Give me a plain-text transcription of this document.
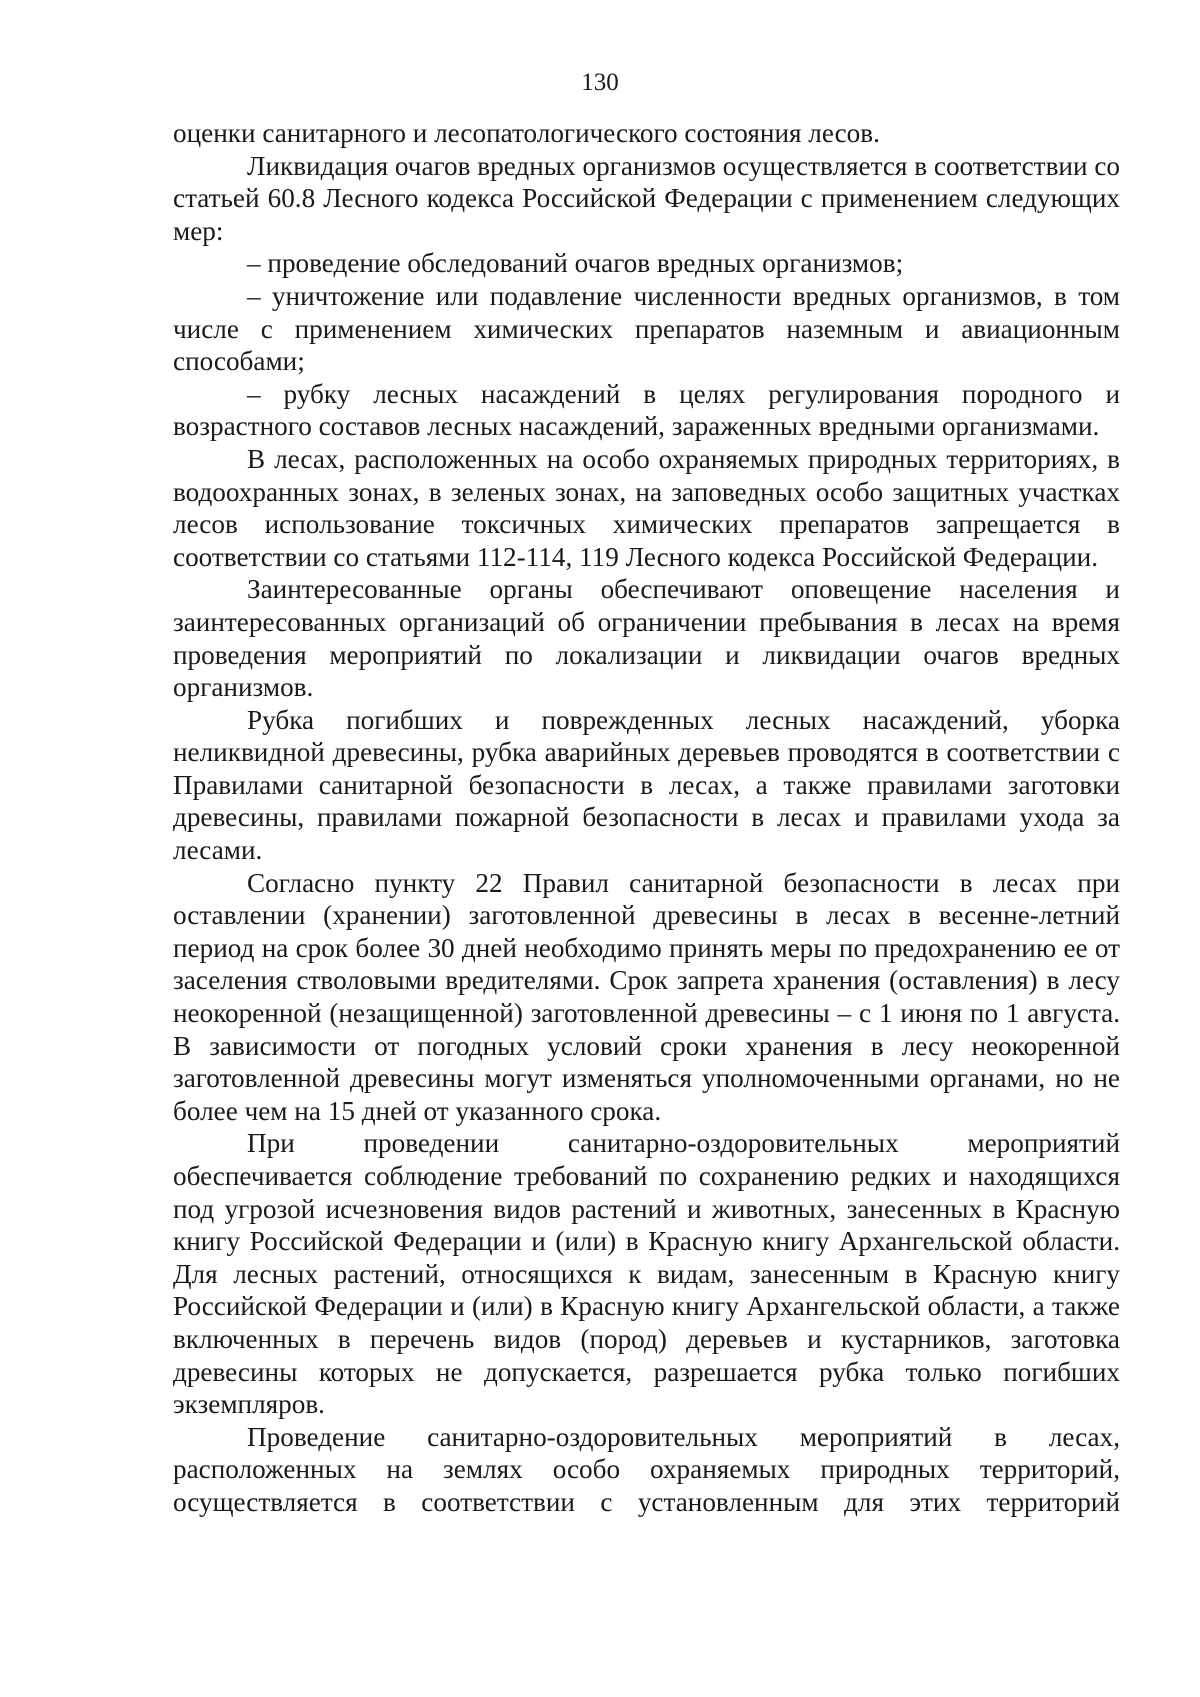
130

оценки санитарного и лесопатологического состояния лесов.

Ликвидация очагов вредных организмов осуществляется в соответствии со статьей 60.8 Лесного кодекса Российской Федерации с применением следующих мер:

– проведение обследований очагов вредных организмов;

– уничтожение или подавление численности вредных организмов, в том числе с применением химических препаратов наземным и авиационным способами;

– рубку лесных насаждений в целях регулирования породного и возрастного составов лесных насаждений, зараженных вредными организмами.

В лесах, расположенных на особо охраняемых природных территориях, в водоохранных зонах, в зеленых зонах, на заповедных особо защитных участках лесов использование токсичных химических препаратов запрещается в соответствии со статьями 112-114, 119 Лесного кодекса Российской Федерации.

Заинтересованные органы обеспечивают оповещение населения и заинтересованных организаций об ограничении пребывания в лесах на время проведения мероприятий по локализации и ликвидации очагов вредных организмов.

Рубка погибших и поврежденных лесных насаждений, уборка неликвидной древесины, рубка аварийных деревьев проводятся в соответствии с Правилами санитарной безопасности в лесах, а также правилами заготовки древесины, правилами пожарной безопасности в лесах и правилами ухода за лесами.

Согласно пункту 22 Правил санитарной безопасности в лесах при оставлении (хранении) заготовленной древесины в лесах в весенне-летний период на срок более 30 дней необходимо принять меры по предохранению ее от заселения стволовыми вредителями. Срок запрета хранения (оставления) в лесу неокоренной (незащищенной) заготовленной древесины – с 1 июня по 1 августа. В зависимости от погодных условий сроки хранения в лесу неокоренной заготовленной древесины могут изменяться уполномоченными органами, но не более чем на 15 дней от указанного срока.

При проведении санитарно-оздоровительных мероприятий обеспечивается соблюдение требований по сохранению редких и находящихся под угрозой исчезновения видов растений и животных, занесенных в Красную книгу Российской Федерации и (или) в Красную книгу Архангельской области. Для лесных растений, относящихся к видам, занесенным в Красную книгу Российской Федерации и (или) в Красную книгу Архангельской области, а также включенных в перечень видов (пород) деревьев и кустарников, заготовка древесины которых не допускается, разрешается рубка только погибших экземпляров.

Проведение санитарно-оздоровительных мероприятий в лесах, расположенных на землях особо охраняемых природных территорий, осуществляется в соответствии с установленным для этих территорий
